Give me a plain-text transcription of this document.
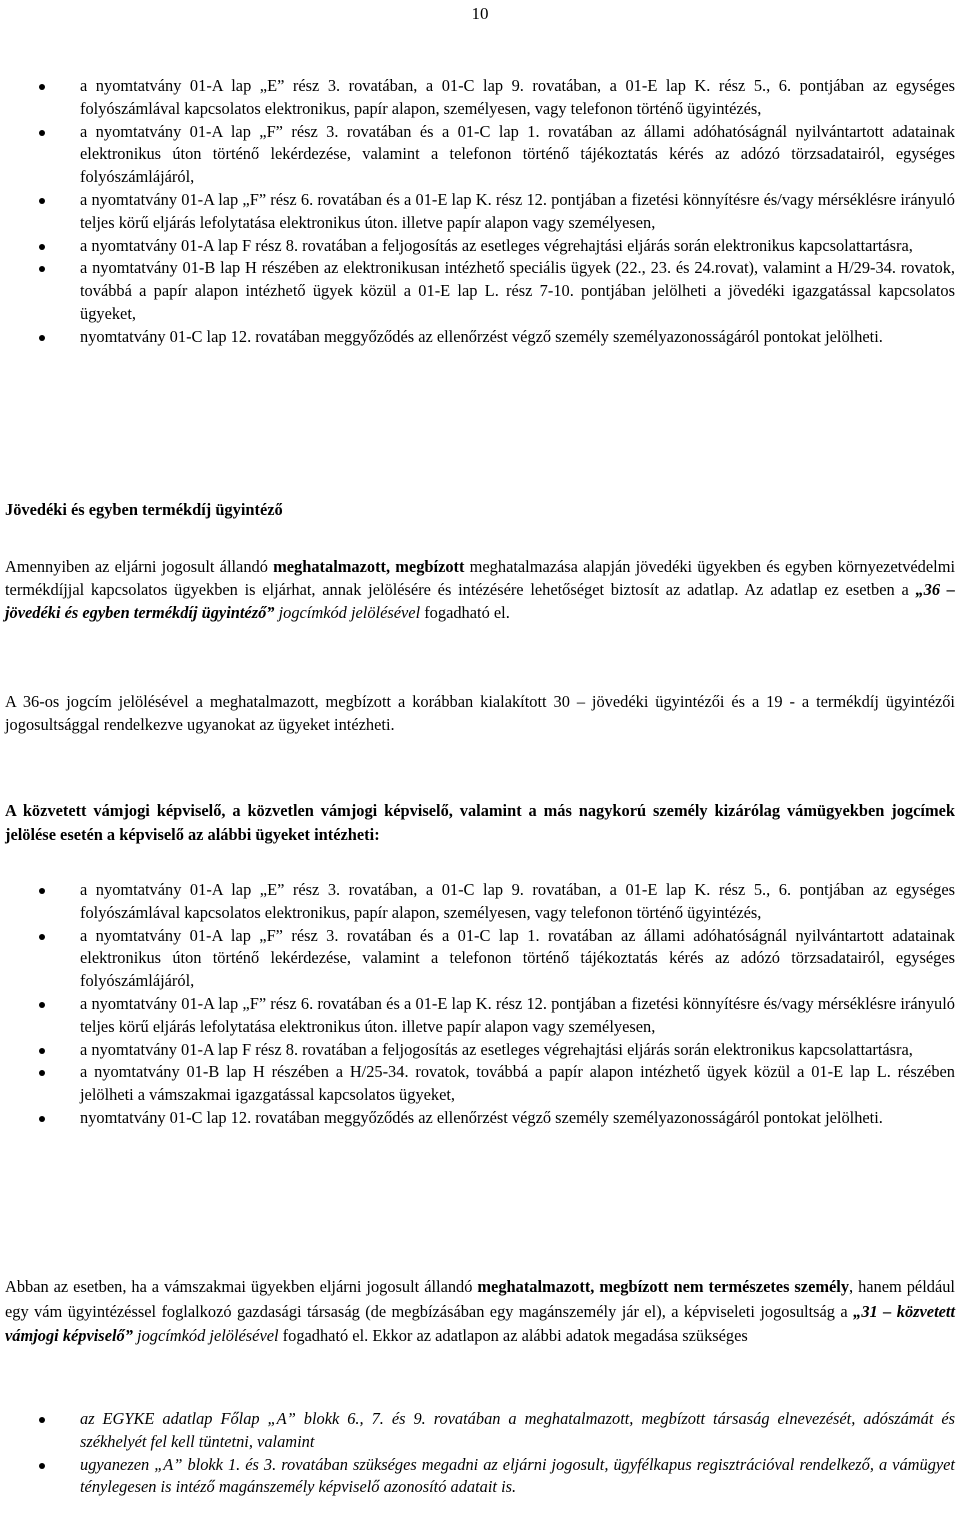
10
a nyomtatvány 01-A lap „E” rész 3. rovatában, a 01-C lap 9. rovatában, a 01-E lap K. rész 5., 6. pontjában az egységes folyószámlával kapcsolatos elektronikus, papír alapon, személyesen, vagy telefonon történő ügyintézés,
a nyomtatvány 01-A lap „F” rész 3. rovatában és a 01-C lap 1. rovatában az állami adóhatóságnál nyilvántartott adatainak elektronikus úton történő lekérdezése, valamint a telefonon történő tájékoztatás kérés az adózó törzsadatairól, egységes folyószámlájáról,
a nyomtatvány 01-A lap „F” rész 6. rovatában és a 01-E lap K. rész 12. pontjában a fizetési könnyítésre és/vagy mérséklésre irányuló teljes körű eljárás lefolytatása elektronikus úton. illetve papír alapon vagy személyesen,
a nyomtatvány 01-A lap F rész 8. rovatában a feljogosítás az esetleges végrehajtási eljárás során elektronikus kapcsolattartásra,
a nyomtatvány 01-B lap H részében az elektronikusan intézhető speciális ügyek (22., 23. és 24.rovat), valamint a H/29-34. rovatok, továbbá a papír alapon intézhető ügyek közül a 01-E lap L. rész 7-10. pontjában jelölheti a jövedéki igazgatással kapcsolatos ügyeket,
nyomtatvány 01-C lap 12. rovatában meggyőződés az ellenőrzést végző személy személyazonosságáról pontokat jelölheti.
Jövedéki és egyben termékdíj ügyintéző

Amennyiben az eljárni jogosult állandó meghatalmazott, megbízott meghatalmazása alapján jövedéki ügyekben és egyben környezetvédelmi termékdíjjal kapcsolatos ügyekben is eljárhat, annak jelölésére és intézésére lehetőséget biztosít az adatlap. Az adatlap ez esetben a „36 – jövedéki és egyben termékdíj ügyintéző” jogcímkód jelölésével fogadható el.

A 36-os jogcím jelölésével a meghatalmazott, megbízott a korábban kialakított 30 – jövedéki ügyintézői és a 19 - a termékdíj ügyintézői jogosultsággal rendelkezve ugyanokat az ügyeket intézheti.

A közvetett vámjogi képviselő, a közvetlen vámjogi képviselő, valamint a más nagykorú személy kizárólag vámügyekben jogcímek jelölése esetén a képviselő az alábbi ügyeket intézheti:
a nyomtatvány 01-A lap „E” rész 3. rovatában, a 01-C lap 9. rovatában, a 01-E lap K. rész 5., 6. pontjában az egységes folyószámlával kapcsolatos elektronikus, papír alapon, személyesen, vagy telefonon történő ügyintézés,
a nyomtatvány 01-A lap „F” rész 3. rovatában és a 01-C lap 1. rovatában az állami adóhatóságnál nyilvántartott adatainak elektronikus úton történő lekérdezése, valamint a telefonon történő tájékoztatás kérés az adózó törzsadatairól, egységes folyószámlájáról,
a nyomtatvány 01-A lap „F” rész 6. rovatában és a 01-E lap K. rész 12. pontjában a fizetési könnyítésre és/vagy mérséklésre irányuló teljes körű eljárás lefolytatása elektronikus úton. illetve papír alapon vagy személyesen,
a nyomtatvány 01-A lap F rész 8. rovatában a feljogosítás az esetleges végrehajtási eljárás során elektronikus kapcsolattartásra,
a nyomtatvány 01-B lap H részében a H/25-34. rovatok, továbbá a papír alapon intézhető ügyek közül a 01-E lap L. részében jelölheti a vámszakmai igazgatással kapcsolatos ügyeket,
nyomtatvány 01-C lap 12. rovatában meggyőződés az ellenőrzést végző személy személyazonosságáról pontokat jelölheti.

Abban az esetben, ha a vámszakmai ügyekben eljárni jogosult állandó meghatalmazott, megbízott nem természetes személy, hanem például egy vám ügyintézéssel foglalkozó gazdasági társaság (de megbízásában egy magánszemély jár el), a képviseleti jogosultság a „31 – közvetett vámjogi képviselő” jogcímkód jelölésével fogadható el. Ekkor az adatlapon az alábbi adatok megadása szükséges

az EGYKE adatlap Főlap „A” blokk 6., 7. és 9. rovatában a meghatalmazott, megbízott társaság elnevezését, adószámát és székhelyét fel kell tüntetni, valamint
ugyanezen „A” blokk 1. és 3. rovatában szükséges megadni az eljárni jogosult, ügyfélkapus regisztrációval rendelkező, a vámügyet ténylegesen is intéző magánszemély képviselő azonosító adatait is.
